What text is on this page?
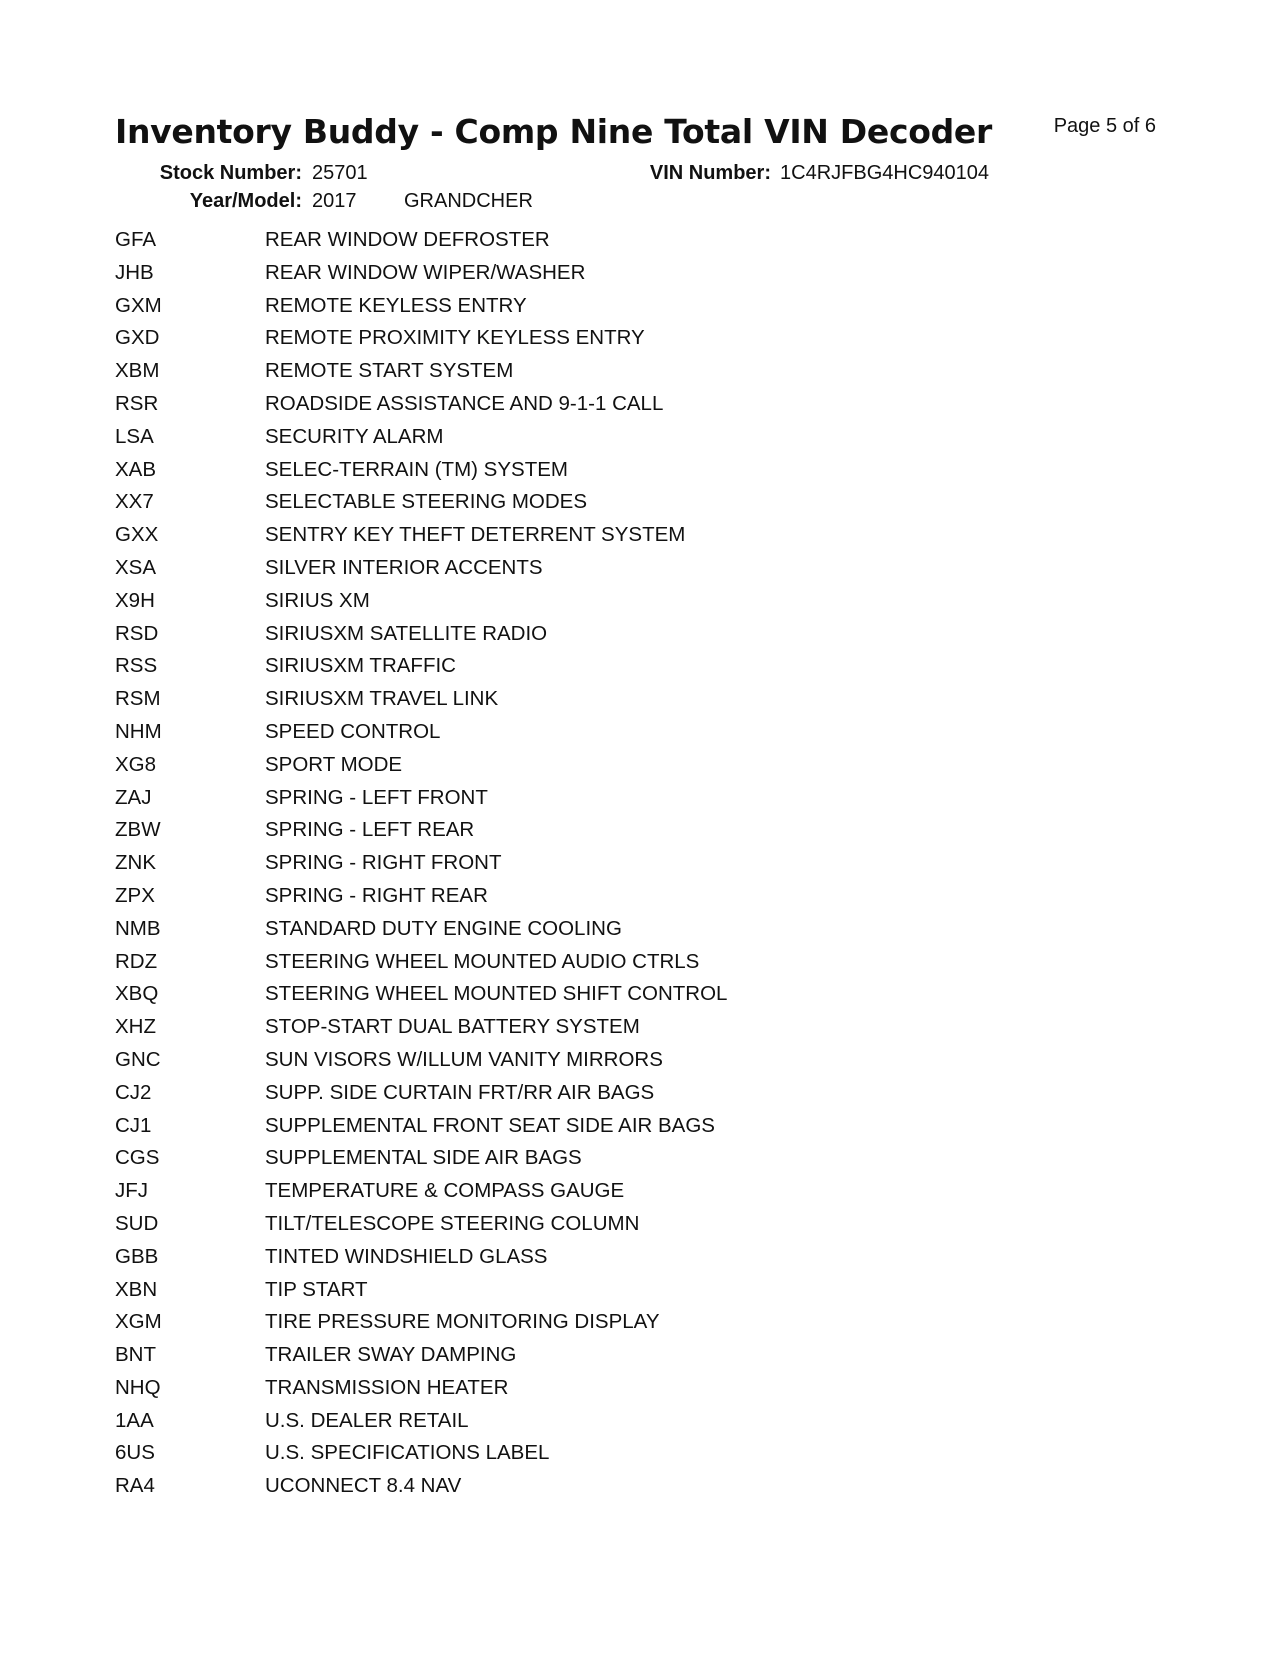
Inventory Buddy - Comp Nine Total VIN Decoder	Page 5 of 6
Stock Number: 25701	VIN Number: 1C4RJFBG4HC940104
Year/Model: 2017 GRANDCHER
GFA	REAR WINDOW DEFROSTER
JHB	REAR WINDOW WIPER/WASHER
GXM	REMOTE KEYLESS ENTRY
GXD	REMOTE PROXIMITY KEYLESS ENTRY
XBM	REMOTE START SYSTEM
RSR	ROADSIDE ASSISTANCE AND 9-1-1 CALL
LSA	SECURITY ALARM
XAB	SELEC-TERRAIN (TM) SYSTEM
XX7	SELECTABLE STEERING MODES
GXX	SENTRY KEY THEFT DETERRENT SYSTEM
XSA	SILVER INTERIOR ACCENTS
X9H	SIRIUS XM
RSD	SIRIUSXM SATELLITE RADIO
RSS	SIRIUSXM TRAFFIC
RSM	SIRIUSXM TRAVEL LINK
NHM	SPEED CONTROL
XG8	SPORT MODE
ZAJ	SPRING - LEFT FRONT
ZBW	SPRING - LEFT REAR
ZNK	SPRING - RIGHT FRONT
ZPX	SPRING - RIGHT REAR
NMB	STANDARD DUTY ENGINE COOLING
RDZ	STEERING WHEEL MOUNTED AUDIO CTRLS
XBQ	STEERING WHEEL MOUNTED SHIFT CONTROL
XHZ	STOP-START DUAL BATTERY SYSTEM
GNC	SUN VISORS W/ILLUM VANITY MIRRORS
CJ2	SUPP. SIDE CURTAIN FRT/RR AIR BAGS
CJ1	SUPPLEMENTAL FRONT SEAT SIDE AIR BAGS
CGS	SUPPLEMENTAL SIDE AIR BAGS
JFJ	TEMPERATURE & COMPASS GAUGE
SUD	TILT/TELESCOPE STEERING COLUMN
GBB	TINTED WINDSHIELD GLASS
XBN	TIP START
XGM	TIRE PRESSURE MONITORING DISPLAY
BNT	TRAILER SWAY DAMPING
NHQ	TRANSMISSION HEATER
1AA	U.S. DEALER RETAIL
6US	U.S. SPECIFICATIONS LABEL
RA4	UCONNECT 8.4 NAV
